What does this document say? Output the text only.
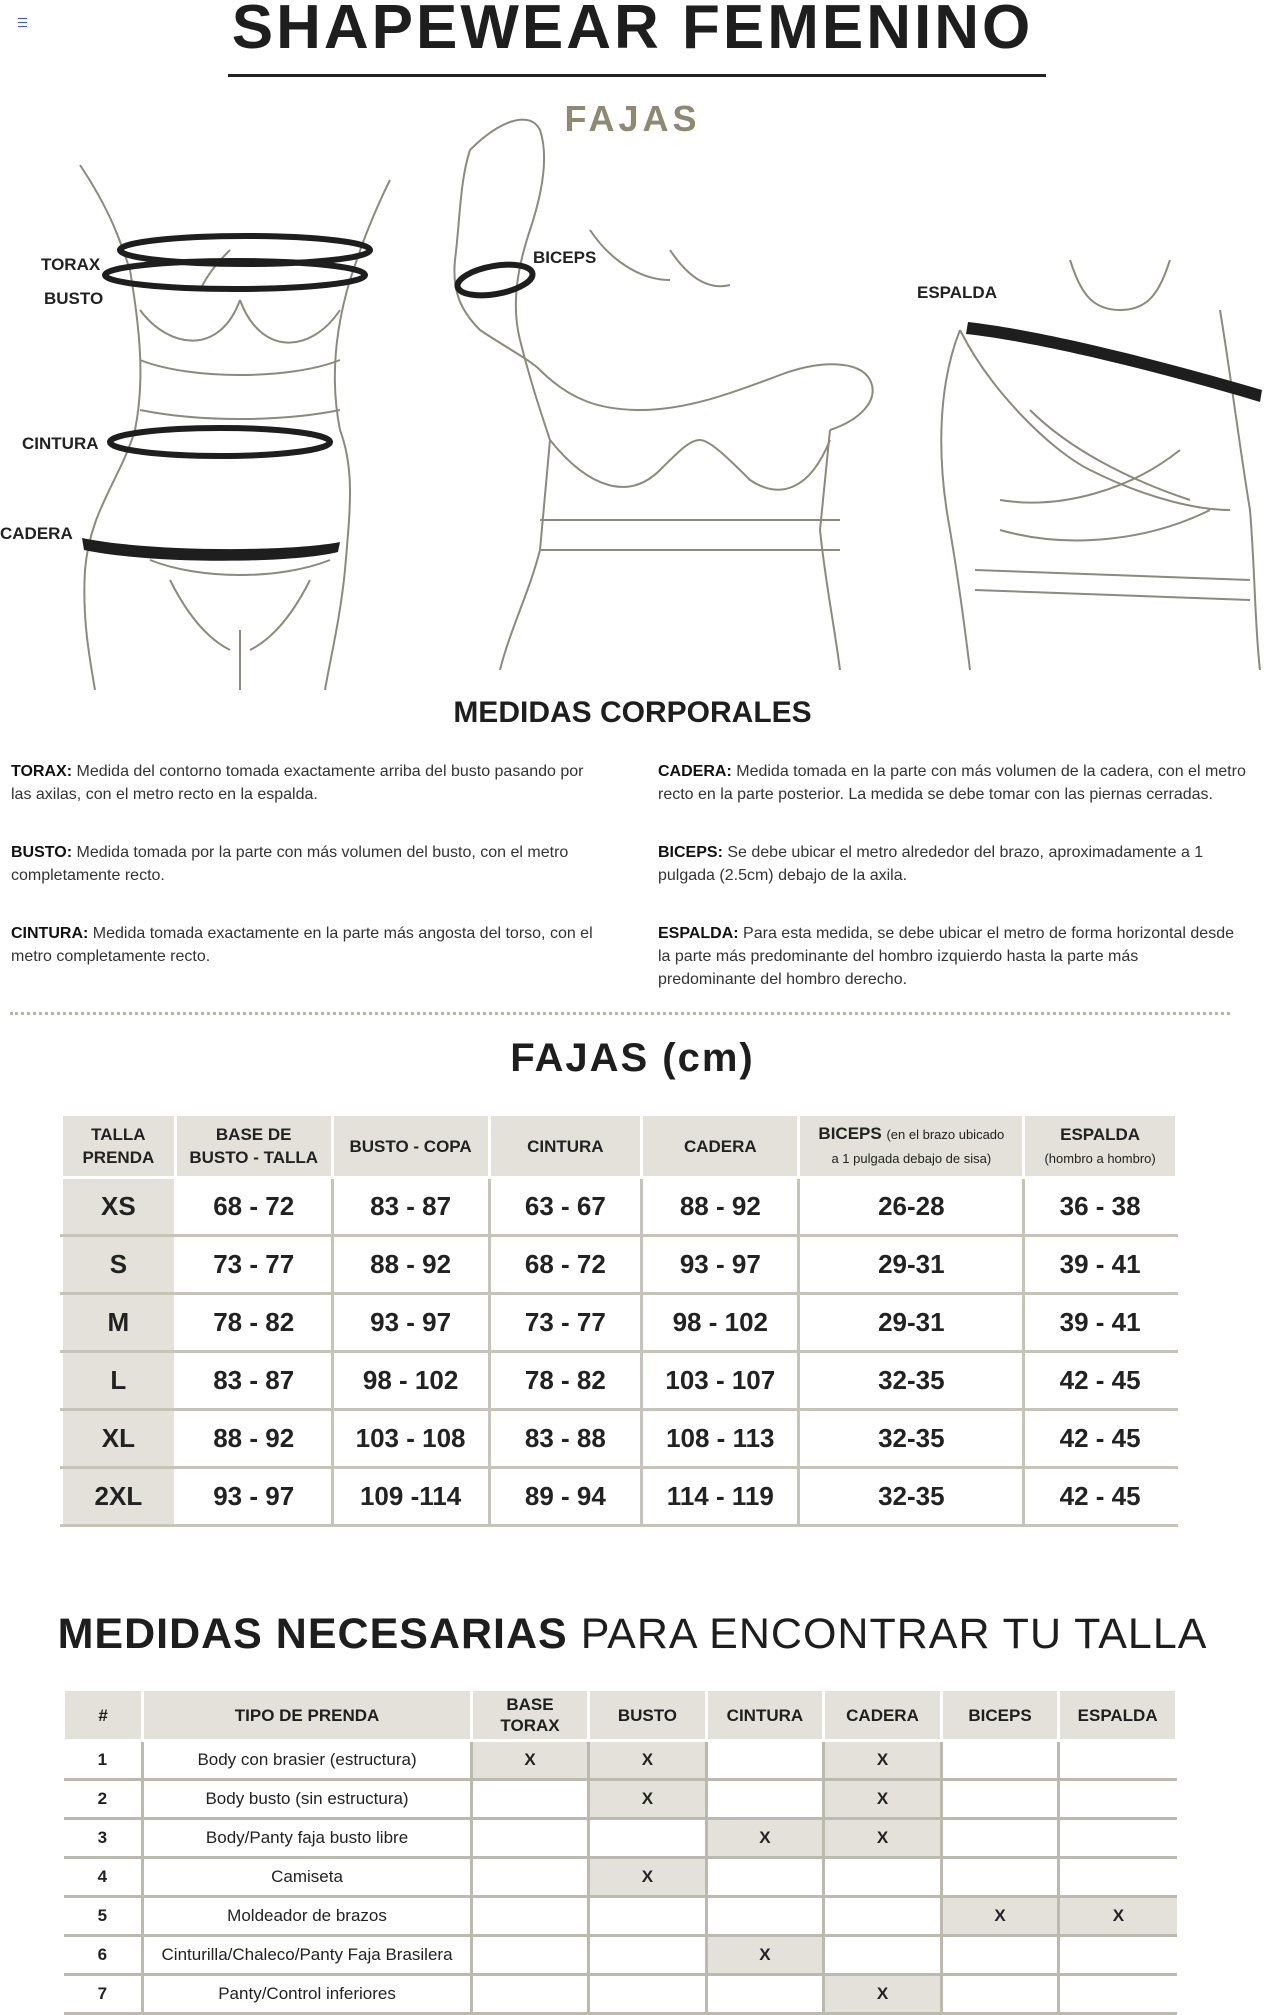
SHAPEWEAR FEMENINO
FAJAS
TORAX
BUSTO
CINTURA
CADERA
BICEPS
ESPALDA
MEDIDAS CORPORALES
TORAX: Medida del contorno tomada exactamente arriba del busto pasando por las axilas, con el metro recto en la espalda.
BUSTO: Medida tomada por la parte con más volumen del busto, con el metro completamente recto.
CINTURA: Medida tomada exactamente en la parte más angosta del torso, con el metro completamente recto.
CADERA: Medida tomada en la parte con más volumen de la cadera, con el metro recto en la parte posterior. La medida se debe tomar con las piernas cerradas.
BICEPS: Se debe ubicar el metro alrededor del brazo, aproximadamente a 1 pulgada (2.5cm) debajo de la axila.
ESPALDA: Para esta medida, se debe ubicar el metro de forma horizontal desde la parte más predominante del hombro izquierdo hasta la parte más predominante del hombro derecho.
FAJAS (cm)
TALLA
PRENDA	BASE DE
BUSTO - TALLA	BUSTO - COPA	CINTURA	CADERA	BICEPS (en el brazo ubicado
a 1 pulgada debajo de sisa)	ESPALDA
(hombro a hombro)
XS	68 - 72	83 - 87	63 - 67	88 - 92	26-28	36 - 38
S	73 - 77	88 - 92	68 - 72	93 - 97	29-31	39 - 41
M	78 - 82	93 - 97	73 - 77	98 - 102	29-31	39 - 41
L	83 - 87	98 - 102	78 - 82	103 - 107	32-35	42 - 45
XL	88 - 92	103 - 108	83 - 88	108 - 113	32-35	42 - 45
2XL	93 - 97	109 -114	89 - 94	114 - 119	32-35	42 - 45
MEDIDAS NECESARIAS PARA ENCONTRAR TU TALLA
#	TIPO DE PRENDA	BASE
TORAX	BUSTO	CINTURA	CADERA	BICEPS	ESPALDA
1	Body con brasier (estructura)	X	X		X		
2	Body busto (sin estructura)		X		X		
3	Body/Panty faja busto libre			X	X		
4	Camiseta		X				
5	Moldeador de brazos					X	X
6	Cinturilla/Chaleco/Panty Faja Brasilera			X			
7	Panty/Control inferiores				X		
